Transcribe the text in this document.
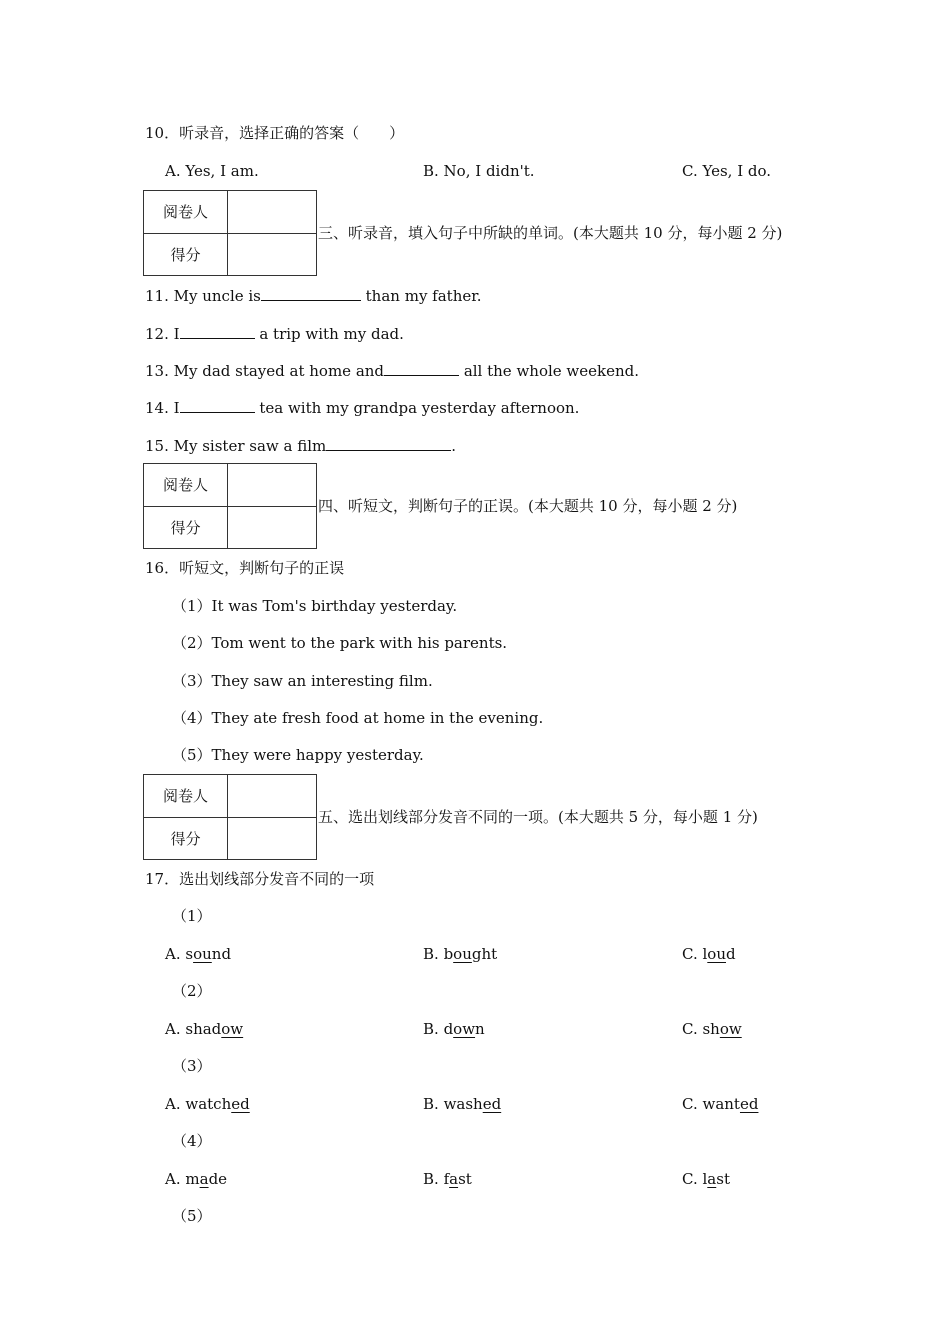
10．听录音，选择正确的答案（　　）
A. Yes, I am.	B. No, I didn't.	C. Yes, I do.
阅卷人	
得分	
三、听录音，填入句子中所缺的单词。(本大题共 10 分，每小题 2 分)
11. My uncle is	than my father.
12. I	a trip with my dad.
13. My dad stayed at home and	all the whole weekend.
14. I	tea with my grandpa yesterday afternoon.
15. My sister saw a film	.
阅卷人	
得分	
四、听短文，判断句子的正误。(本大题共 10 分，每小题 2 分)
16．听短文，判断句子的正误
（1）It was Tom's birthday yesterday.
（2）Tom went to the park with his parents.
（3）They saw an interesting film.
（4）They ate fresh food at home in the evening.
（5）They were happy yesterday.
阅卷人	
得分	
五、选出划线部分发音不同的一项。(本大题共 5 分，每小题 1 分)
17．选出划线部分发音不同的一项
（1）
A. sound	B. bought	C. loud
（2）
A. shadow	B. down	C. show
（3）
A. watched	B. washed	C. wanted
（4）
A. made	B. fast	C. last
（5）
